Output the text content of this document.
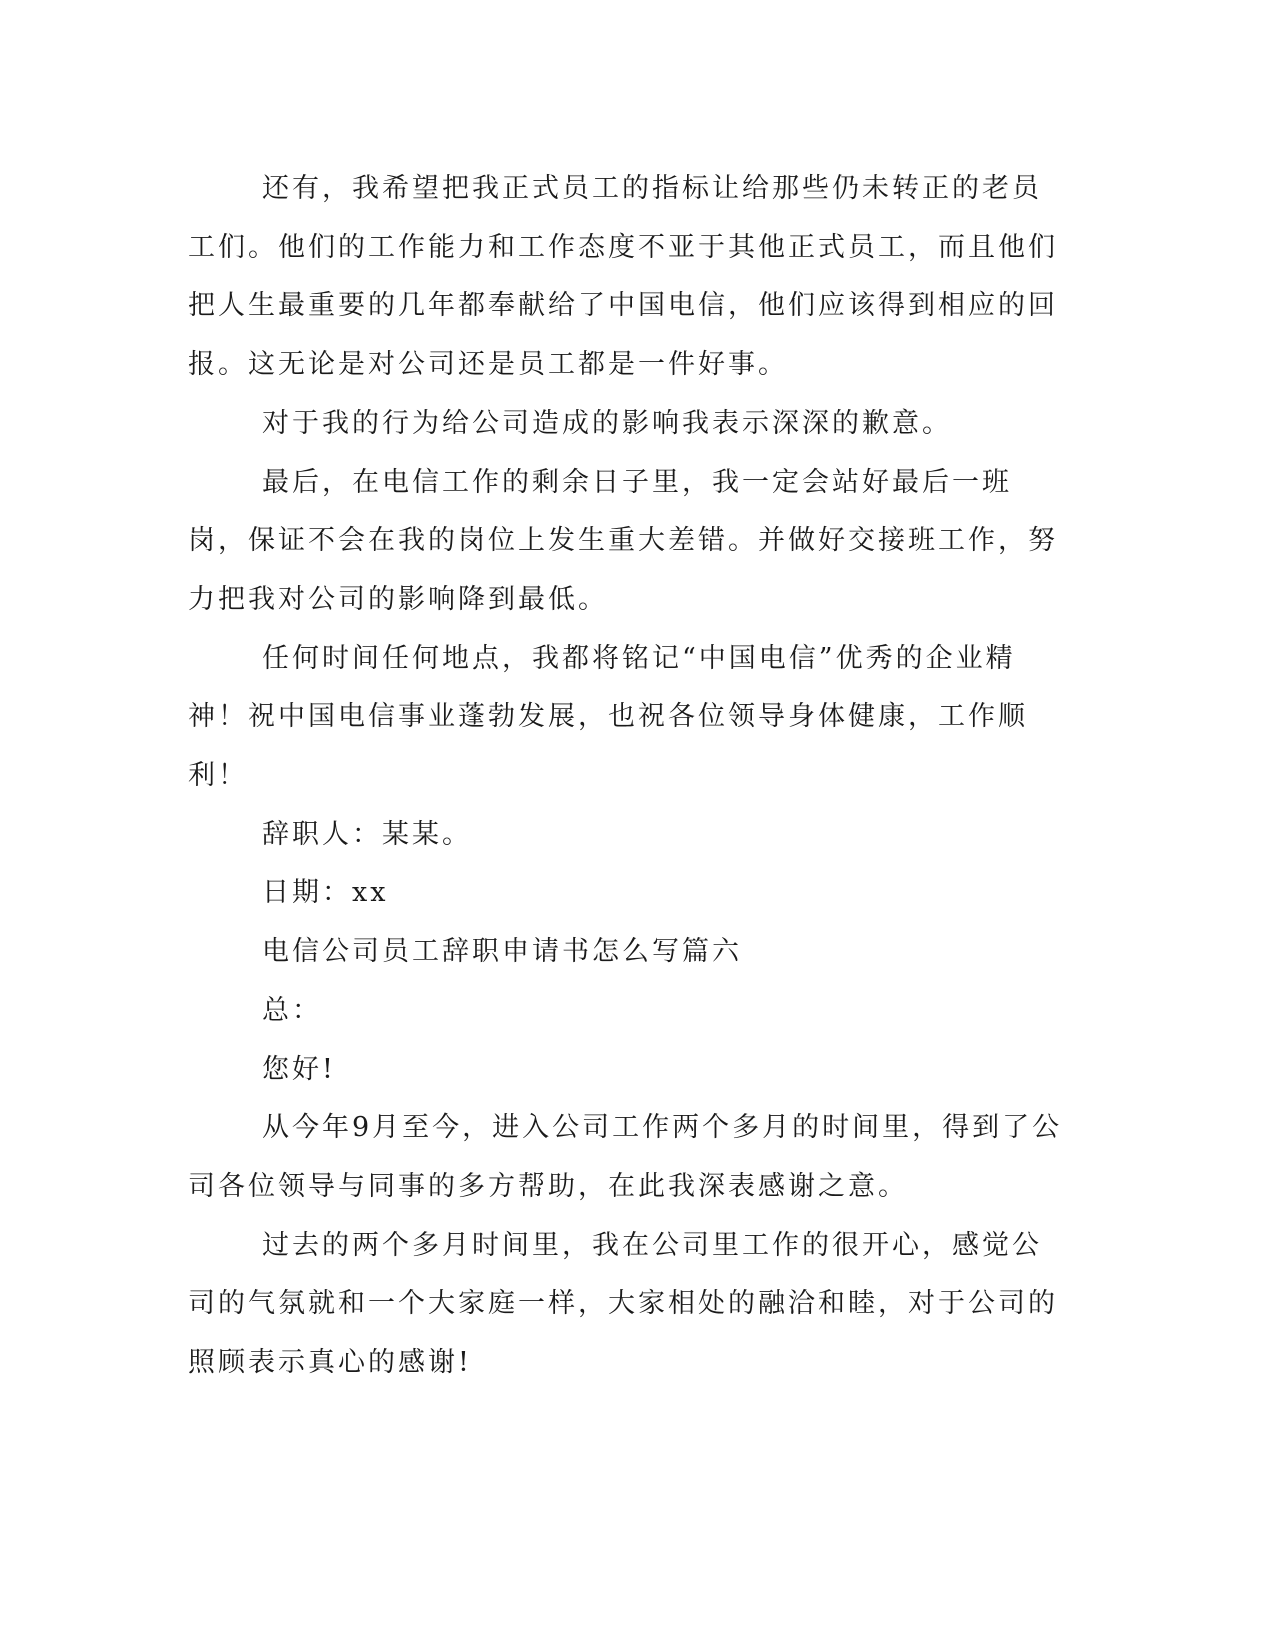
还有，我希望把我正式员工的指标让给那些仍未转正的老员工们。他们的工作能力和工作态度不亚于其他正式员工，而且他们把人生最重要的几年都奉献给了中国电信，他们应该得到相应的回报。这无论是对公司还是员工都是一件好事。

对于我的行为给公司造成的影响我表示深深的歉意。

最后，在电信工作的剩余日子里，我一定会站好最后一班岗，保证不会在我的岗位上发生重大差错。并做好交接班工作，努力把我对公司的影响降到最低。

任何时间任何地点，我都将铭记“中国电信”优秀的企业精神！祝中国电信事业蓬勃发展，也祝各位领导身体健康，工作顺利！

辞职人：某某。

日期：xx

电信公司员工辞职申请书怎么写篇六

总：

您好!

从今年9月至今，进入公司工作两个多月的时间里，得到了公司各位领导与同事的多方帮助，在此我深表感谢之意。

过去的两个多月时间里，我在公司里工作的很开心，感觉公司的气氛就和一个大家庭一样，大家相处的融洽和睦，对于公司的照顾表示真心的感谢!
